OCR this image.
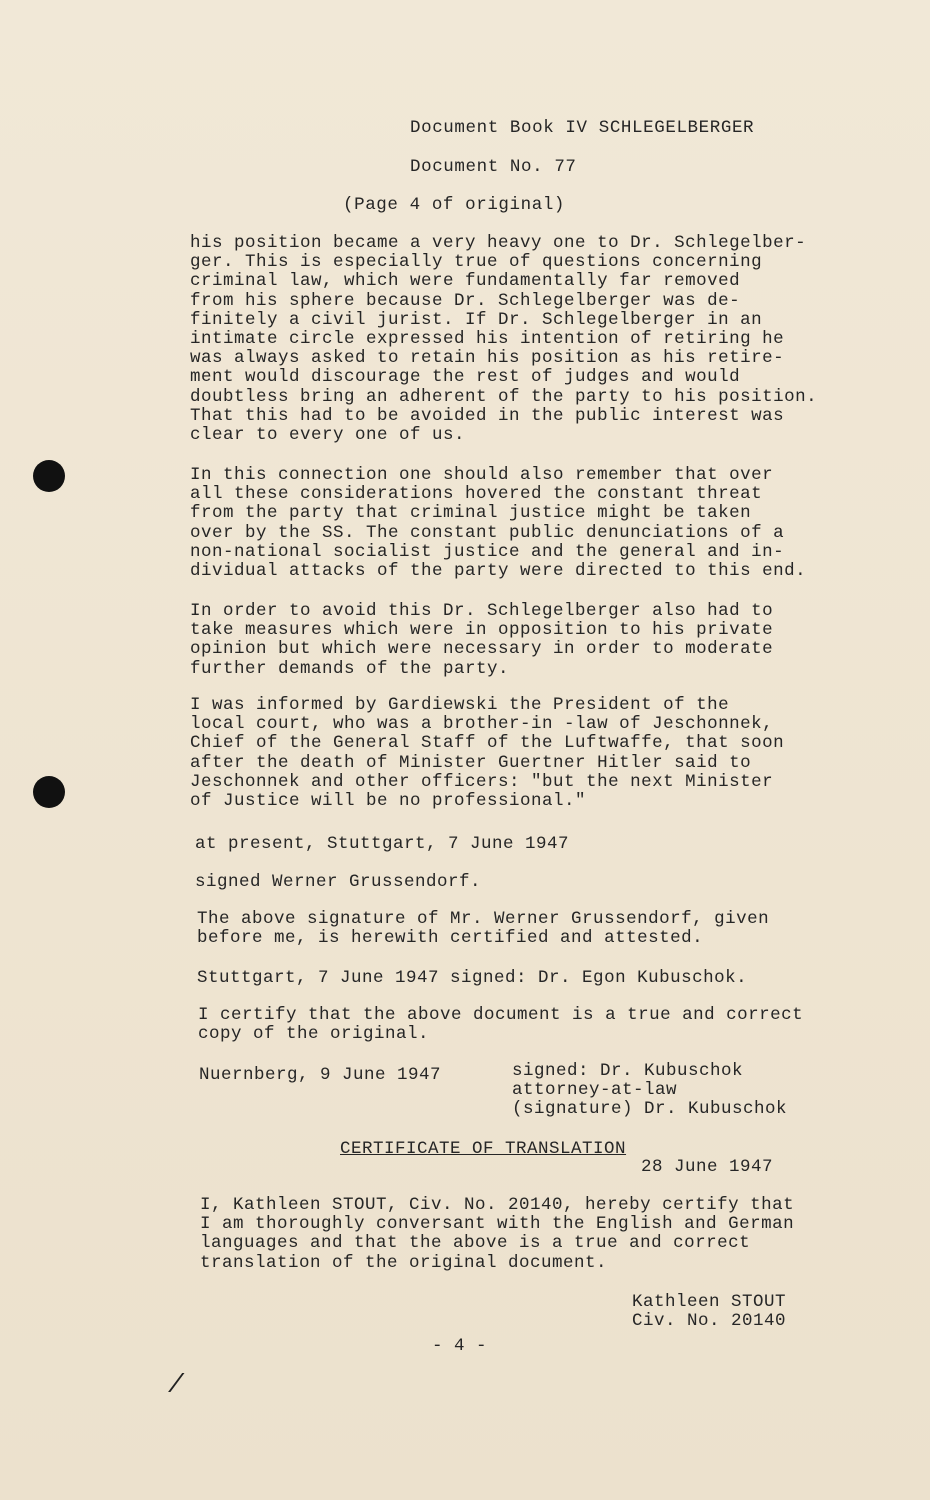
Document Book IV SCHLEGELBERGER
Document No. 77
(Page 4 of original)

his position became a very heavy one to Dr. Schlegelber-
ger. This is especially true of questions concerning
criminal law, which were fundamentally far removed
from his sphere because Dr. Schlegelberger was de-
finitely a civil jurist. If Dr. Schlegelberger in an
intimate circle expressed his intention of retiring he
was always asked to retain his position as his retire-
ment would discourage the rest of judges and would
doubtless bring an adherent of the party to his position.
That this had to be avoided in the public interest was
clear to every one of us.

In this connection one should also remember that over
all these considerations hovered the constant threat
from the party that criminal justice might be taken
over by the SS. The constant public denunciations of a
non-national socialist justice and the general and in-
dividual attacks of the party were directed to this end.

In order to avoid this Dr. Schlegelberger also had to
take measures which were in opposition to his private
opinion but which were necessary in order to moderate
further demands of the party.

I was informed by Gardiewski the President of the
local court, who was a brother-in -law of Jeschonnek,
Chief of the General Staff of the Luftwaffe, that soon
after the death of Minister Guertner Hitler said to
Jeschonnek and other officers: "but the next Minister
of Justice will be no professional."

at present, Stuttgart, 7 June 1947
signed Werner Grussendorf.

The above signature of Mr. Werner Grussendorf, given
before me, is herewith certified and attested.

Stuttgart, 7 June 1947 signed: Dr. Egon Kubuschok.

I certify that the above document is a true and correct
copy of the original.

Nuernberg, 9 June 1947	signed: Dr. Kubuschok
attorney-at-law
(signature) Dr. Kubuschok
CERTIFICATE OF TRANSLATION
28 June 1947

I, Kathleen STOUT, Civ. No. 20140, hereby certify that
I am thoroughly conversant with the English and German
languages and that the above is a true and correct
translation of the original document.

Kathleen STOUT
Civ. No. 20140
- 4 -
/
